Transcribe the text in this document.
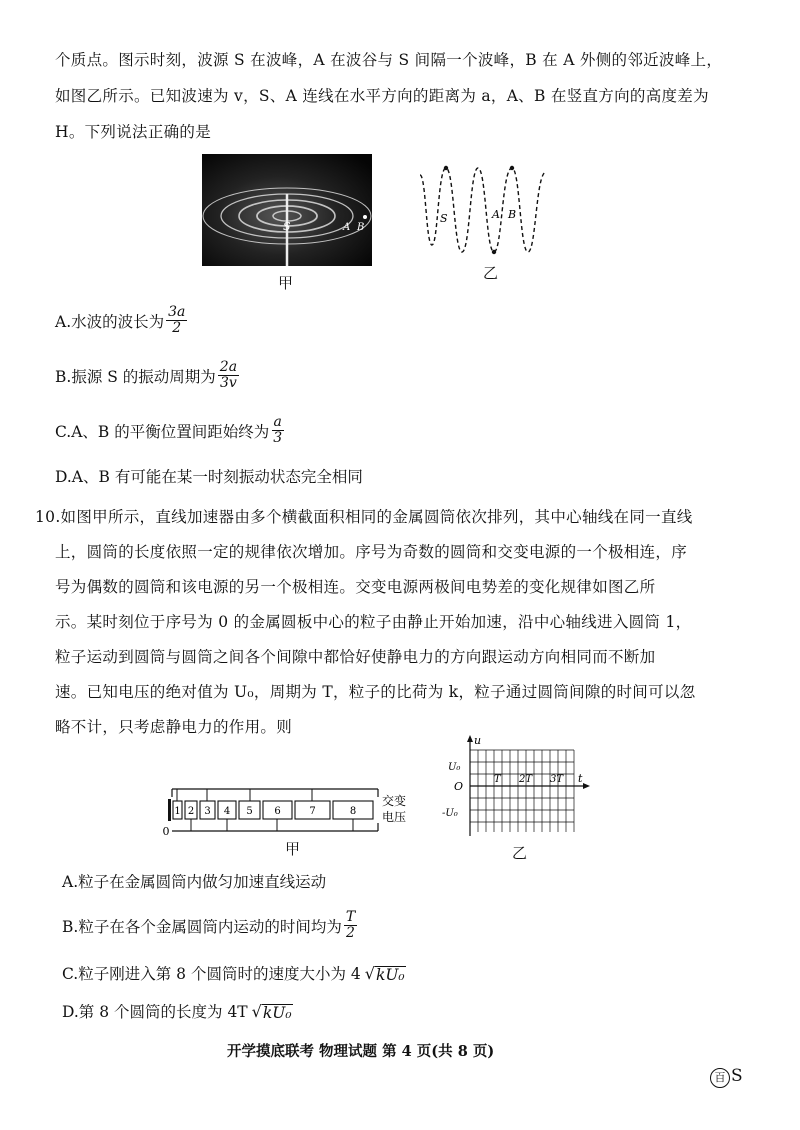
个质点。图示时刻，波源 S 在波峰，A 在波谷与 S 间隔一个波峰，B 在 A 外侧的邻近波峰上，
如图乙所示。已知波速为 v，S、A 连线在水平方向的距离为 a，A、B 在竖直方向的高度差为
H。下列说法正确的是
S	A B
甲
S	A B
乙
A.水波的波长为 $\frac{3a}{2}$
B.振源 S 的振动周期为 $\frac{2a}{3v}$
C.A、B 的平衡位置间距始终为 $\frac{a}{3}$
D.A、B 有可能在某一时刻振动状态完全相同
10.如图甲所示，直线加速器由多个横截面积相同的金属圆筒依次排列，其中心轴线在同一直线
上，圆筒的长度依照一定的规律依次增加。序号为奇数的圆筒和交变电源的一个极相连，序
号为偶数的圆筒和该电源的另一个极相连。交变电源两极间电势差的变化规律如图乙所
示。某时刻位于序号为 0 的金属圆板中心的粒子由静止开始加速，沿中心轴线进入圆筒 1，
粒子运动到圆筒与圆筒之间各个间隙中都恰好使静电力的方向跟运动方向相同而不断加
速。已知电压的绝对值为 U₀，周期为 T，粒子的比荷为 k，粒子通过圆筒间隙的时间可以忽
略不计，只考虑静电力的作用。则
1 2 3 4 5 6	7	8
0
交变
电压
甲
u
U₀
O
-U₀
T 2T 3T t
乙
A.粒子在金属圆筒内做匀加速直线运动
B.粒子在各个金属圆筒内运动的时间均为 $\frac{T}{2}$
C.粒子刚进入第 8 个圆筒时的速度大小为 4 √ kU₀
D.第 8 个圆筒的长度为 4T √ kU₀
开学摸底联考 物理试题 第 4 页(共 8 页)
百 S
